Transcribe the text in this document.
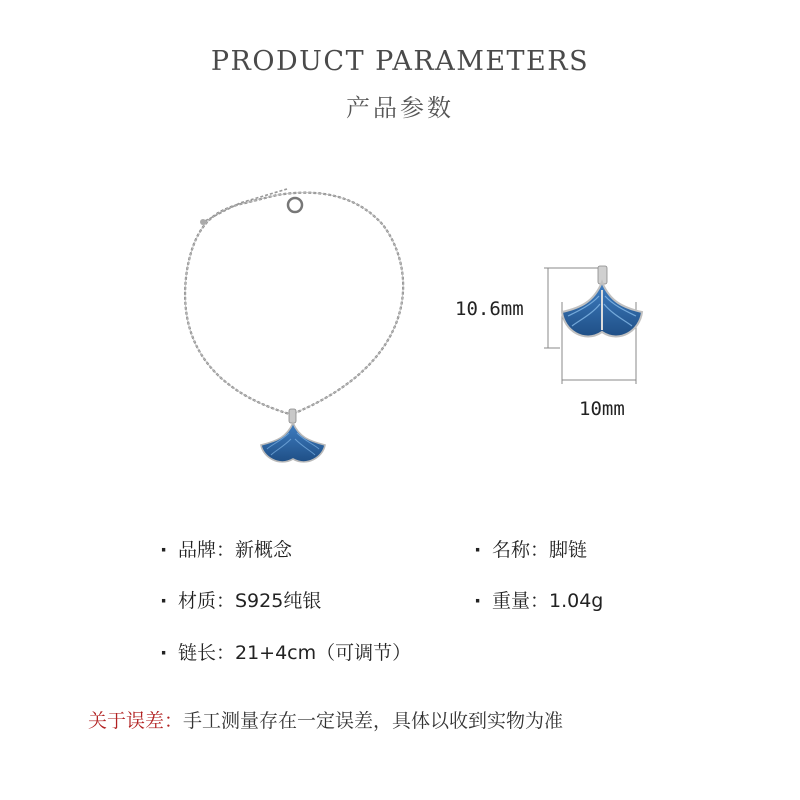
PRODUCT PARAMETERS
产品参数
10.6mm
10mm
· 品牌：新概念	· 名称：脚链
· 材质：S925纯银	· 重量：1.04g
· 链长：21+4cm（可调节）
关于误差：手工测量存在一定误差，具体以收到实物为准
